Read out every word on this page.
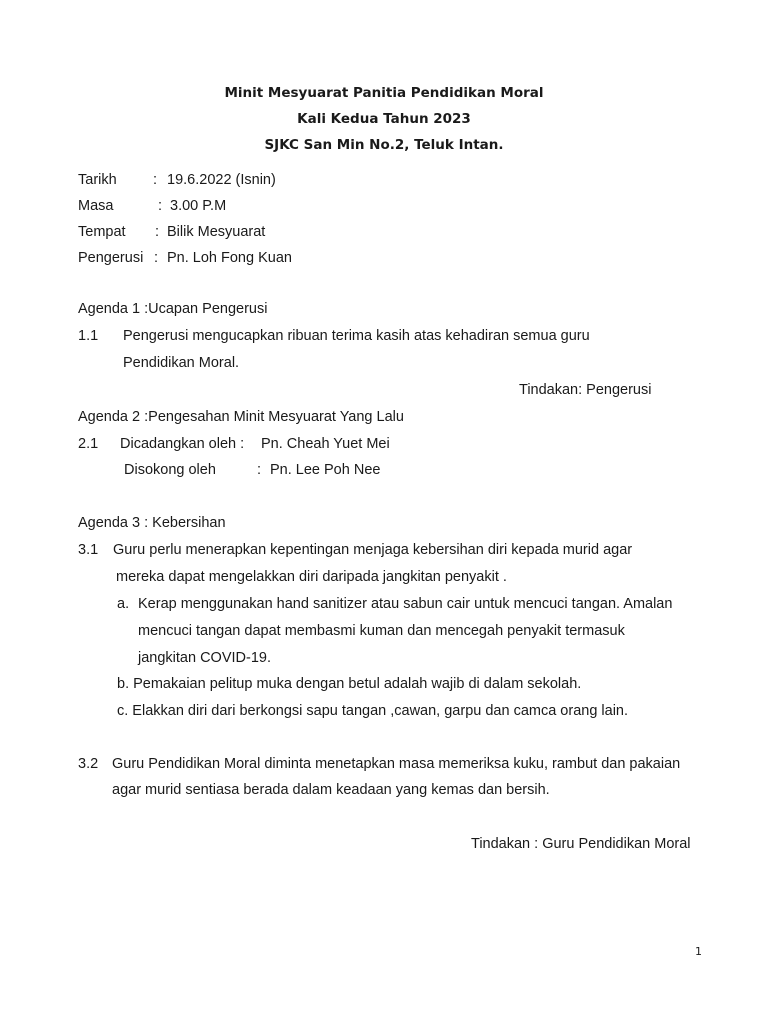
Minit Mesyuarat Panitia Pendidikan Moral
Kali Kedua Tahun 2023
SJKC San Min No.2, Teluk Intan.
Tarikh	: 19.6.2022 (Isnin)
Masa	: 3.00 P.M
Tempat : Bilik Mesyuarat
Pengerusi : Pn. Loh Fong Kuan
Agenda 1 :Ucapan Pengerusi
1.1 Pengerusi mengucapkan ribuan terima kasih atas kehadiran semua guru
Pendidikan Moral.
Tindakan: Pengerusi
Agenda 2 :Pengesahan Minit Mesyuarat Yang Lalu
2.1 Dicadangkan oleh : Pn. Cheah Yuet Mei
Disokong oleh	: Pn. Lee Poh Nee
Agenda 3 : Kebersihan
3.1 Guru perlu menerapkan kepentingan menjaga kebersihan diri kepada murid agar
mereka dapat mengelakkan diri daripada jangkitan penyakit .
a. Kerap menggunakan hand sanitizer atau sabun cair untuk mencuci tangan. Amalan
mencuci tangan dapat membasmi kuman dan mencegah penyakit termasuk
jangkitan COVID-19.
b. Pemakaian pelitup muka dengan betul adalah wajib di dalam sekolah.
c. Elakkan diri dari berkongsi sapu tangan ,cawan, garpu dan camca orang lain.
3.2 Guru Pendidikan Moral diminta menetapkan masa memeriksa kuku, rambut dan pakaian
agar murid sentiasa berada dalam keadaan yang kemas dan bersih.
Tindakan : Guru Pendidikan Moral
1
